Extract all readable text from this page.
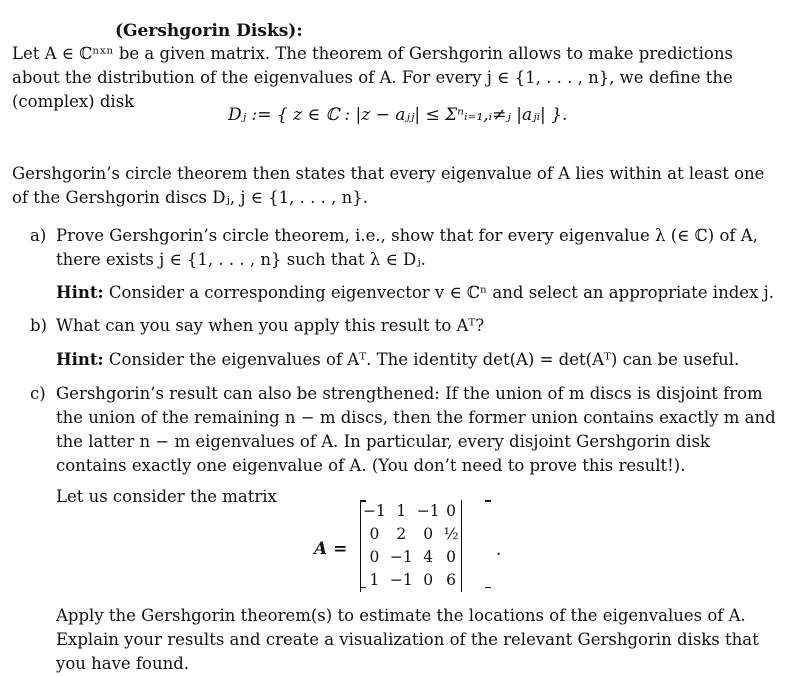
(Gershgorin Disks):
Let A ∈ ℂⁿˣⁿ be a given matrix. The theorem of Gershgorin allows to make predictions about the distribution of the eigenvalues of A. For every j ∈ {1, . . . , n}, we define the (complex) disk
Dⱼ := { z ∈ ℂ : |z − aⱼⱼ| ≤ Σⁿᵢ₌₁,ᵢ≠ⱼ |aⱼᵢ| }.
Gershgorin’s circle theorem then states that every eigenvalue of A lies within at least one of the Gershgorin discs Dⱼ, j ∈ {1, . . . , n}.
a) Prove Gershgorin’s circle theorem, i.e., show that for every eigenvalue λ (∈ ℂ) of A, there exists j ∈ {1, . . . , n} such that λ ∈ Dⱼ.
Hint: Consider a corresponding eigenvector v ∈ ℂⁿ and select an appropriate index j.
b) What can you say when you apply this result to Aᵀ?
Hint: Consider the eigenvalues of Aᵀ. The identity det(A) = det(Aᵀ) can be useful.
c) Gershgorin’s result can also be strengthened: If the union of m discs is disjoint from the union of the remaining n − m discs, then the former union contains exactly m and the latter n − m eigenvalues of A. In particular, every disjoint Gershgorin disk contains exactly one eigenvalue of A. (You don’t need to prove this result!).
Let us consider the matrix
A =
−1	1	−1	0
0	2	0	½
0	−1	4	0
1	−1	0	6
.
Apply the Gershgorin theorem(s) to estimate the locations of the eigenvalues of A. Explain your results and create a visualization of the relevant Gershgorin disks that you have found.
